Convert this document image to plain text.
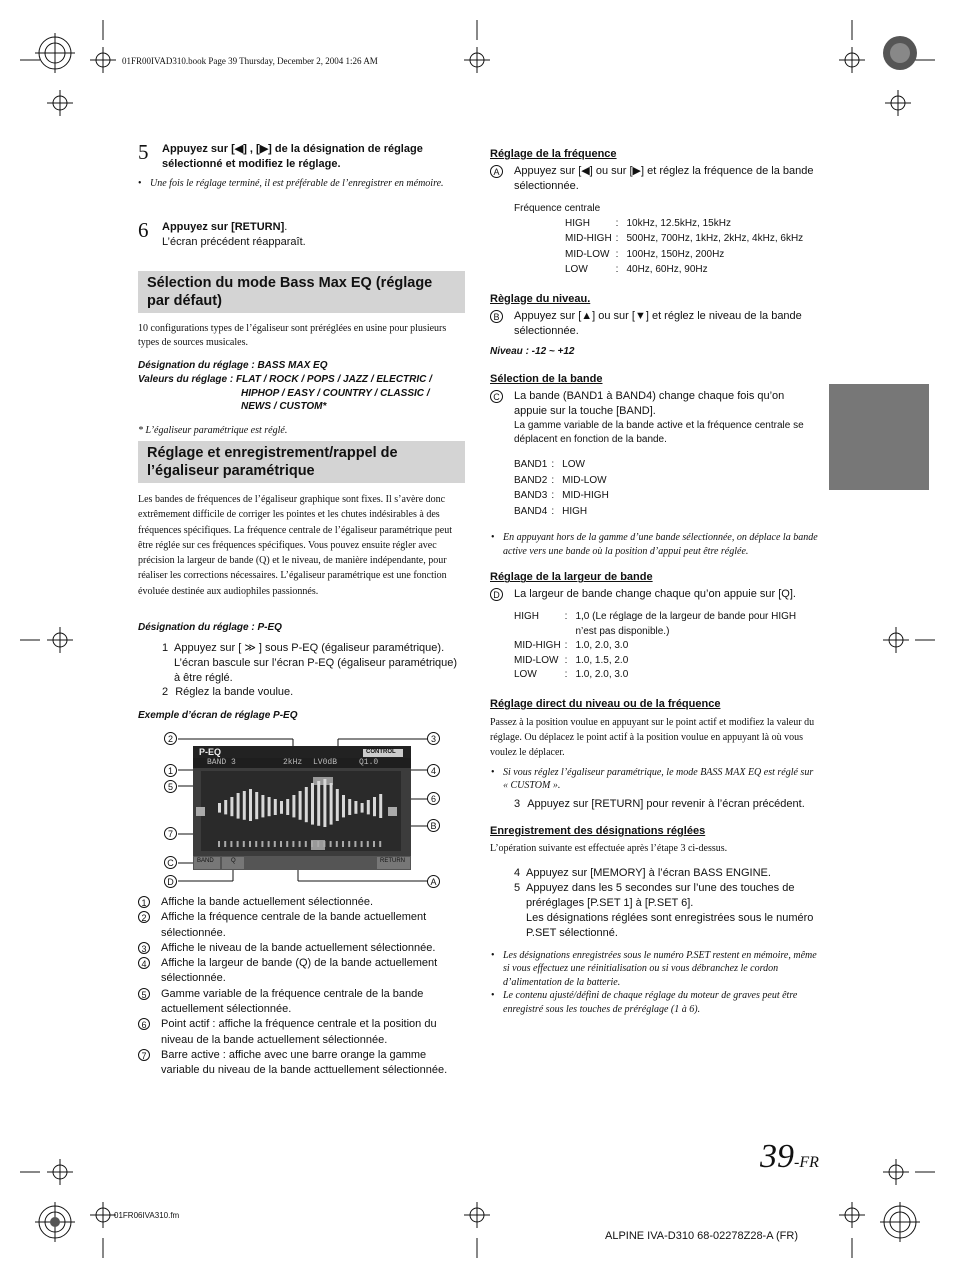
01FR00IVAD310.book Page 39 Thursday, December 2, 2004 1:26 AM
5 Appuyez sur [◀] , [▶] de la désignation de réglage
sélectionné et modifiez le réglage.
• Une fois le réglage terminé, il est préférable de l’enregistrer en mémoire.
6 Appuyez sur [RETURN].
L’écran précédent réapparaît.
Sélection du mode Bass Max EQ (réglage par défaut)
10 configurations types de l’égaliseur sont préréglées en usine pour plusieurs types de sources musicales.
Désignation du réglage : BASS MAX EQ
Valeurs du réglage : FLAT / ROCK / POPS / JAZZ / ELECTRIC /
HIPHOP / EASY / COUNTRY / CLASSIC /
NEWS / CUSTOM*
* L’égaliseur paramétrique est réglé.
Réglage et enregistrement/rappel de l’égaliseur paramétrique
Les bandes de fréquences de l’égaliseur graphique sont fixes. Il s’avère donc extrêmement difficile de corriger les pointes et les chutes indésirables à des fréquences spécifiques. La fréquence centrale de l’égaliseur paramétrique peut être réglée sur ces fréquences spécifiques. Vous pouvez ensuite régler avec précision la largeur de bande (Q) et le niveau, de manière indépendante, pour réaliser les corrections nécessaires. L’égaliseur paramétrique est une fonction évoluée destinée aux audiophiles passionnés.
Désignation du réglage : P-EQ
1 Appuyez sur [ ≫ ] sous P-EQ (égaliseur paramétrique). L’écran bascule sur l’écran P-EQ (égaliseur paramétrique) à être réglé.
2 Réglez la bande voulue.
Exemple d’écran de réglage P-EQ
P-EQ	CONTROL
BAND 3	2kHz LV0dB	Q1.0
BAND	Q	RETURN
2
1
5
7
C
D
3
4
6
B
A
1	Affiche la bande actuellement sélectionnée.
2	Affiche la fréquence centrale de la bande actuellement sélectionnée.
3	Affiche le niveau de la bande actuellement sélectionnée.
4	Affiche la largeur de bande (Q) de la bande actuellement sélectionnée.
5	Gamme variable de la fréquence centrale de la bande actuellement sélectionnée.
6	Point actif : affiche la fréquence centrale et la position du niveau de la bande actuellement sélectionnée.
7	Barre active : affiche avec une barre orange la gamme variable du niveau de la bande acttuellement sélectionnée.
Réglage de la fréquence
A	Appuyez sur [◀] ou sur [▶] et réglez la fréquence de la bande sélectionnée.
Fréquence centrale
HIGH	:	10kHz, 12.5kHz, 15kHz
MID-HIGH	:	500Hz, 700Hz, 1kHz, 2kHz, 4kHz, 6kHz
MID-LOW	:	100Hz, 150Hz, 200Hz
LOW	:	40Hz, 60Hz, 90Hz
Règlage du niveau.
B	Appuyez sur [▲] ou sur [▼] et réglez le niveau de la bande sélectionnée.
Niveau : -12 ~ +12
Sélection de la bande
C La bande (BAND1 à BAND4) change chaque fois qu’on appuie sur la touche [BAND].
La gamme variable de la bande active et la fréquence centrale se déplacent en fonction de la bande.
BAND1	:	LOW
BAND2	:	MID-LOW
BAND3	:	MID-HIGH
BAND4	:	HIGH
• En appuyant hors de la gamme d’une bande sélectionnée, on déplace la bande active vers une bande où la position d’appui peut être réglée.
Réglage de la largeur de bande
D La largeur de bande change chaque qu’on appuie sur [Q].
HIGH	:	1,0 (Le réglage de la largeur de bande pour HIGH n’est pas disponible.)
MID-HIGH	:	1.0, 2.0, 3.0
MID-LOW	:	1.0, 1.5, 2.0
LOW	:	1.0, 2.0, 3.0
Réglage direct du niveau ou de la fréquence
Passez à la position voulue en appuyant sur le point actif et modifiez la valeur du réglage. Ou déplacez le point actif à la position voulue en appuyant là où vous voulez le déplacer.
• Si vous réglez l’égaliseur paramétrique, le mode BASS MAX EQ est réglé sur « CUSTOM ».
3 Appuyez sur [RETURN] pour revenir à l’écran précédent.
Enregistrement des désignations réglées
L’opération suivante est effectuée après l’étape 3 ci-dessus.
4 Appuyez sur [MEMORY] à l’écran BASS ENGINE.
5 Appuyez dans les 5 secondes sur l’une des touches de préréglages [P.SET 1] à [P.SET 6].
Les désignations réglées sont enregistrées sous le numéro P.SET sélectionné.
• Les désignations enregistrées sous le numéro P.SET restent en mémoire, même si vous effectuez une réinitialisation ou si vous débranchez le cordon d’alimentation de la batterie.
• Le contenu ajusté/défini de chaque réglage du moteur de graves peut être enregistré sous les touches de préréglage (1 à 6).
39-FR
01FR06IVA310.fm
ALPINE IVA-D310 68-02278Z28-A (FR)
